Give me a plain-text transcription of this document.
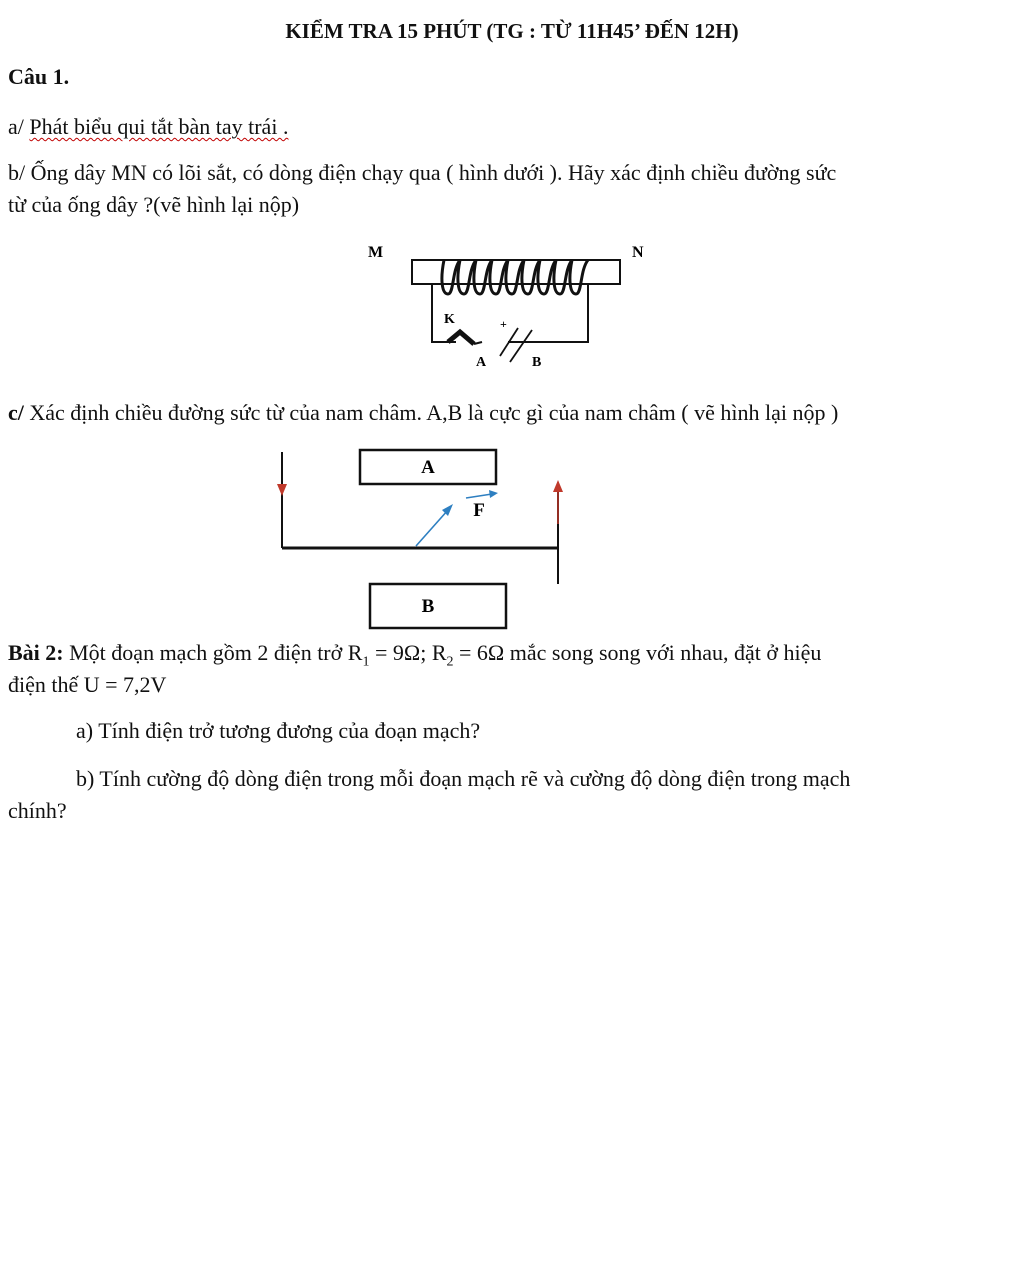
KIỂM TRA 15 PHÚT (TG : TỪ 11H45’ ĐẾN 12H)
Câu 1.
a/ Phát biểu qui tắt bàn tay trái .
b/ Ống dây MN có lõi sắt, có dòng điện chạy qua ( hình dưới ). Hãy xác định chiều đường sức
từ của ống dây ?(vẽ hình lại nộp)
M	N
K	+
A	B
c/ Xác định chiều đường sức từ của nam châm. A,B là cực gì của nam châm ( vẽ hình lại nộp )
A
F
B
Bài 2: Một đoạn mạch gồm 2 điện trở $R_1 = 9\Omega$; $R_2 = 6\Omega$ mắc song song với nhau, đặt ở hiệu
điện thế U = 7,2V
a) Tính điện trở tương đương của đoạn mạch?
b) Tính cường độ dòng điện trong mỗi đoạn mạch rẽ và cường độ dòng điện trong mạch
chính?
